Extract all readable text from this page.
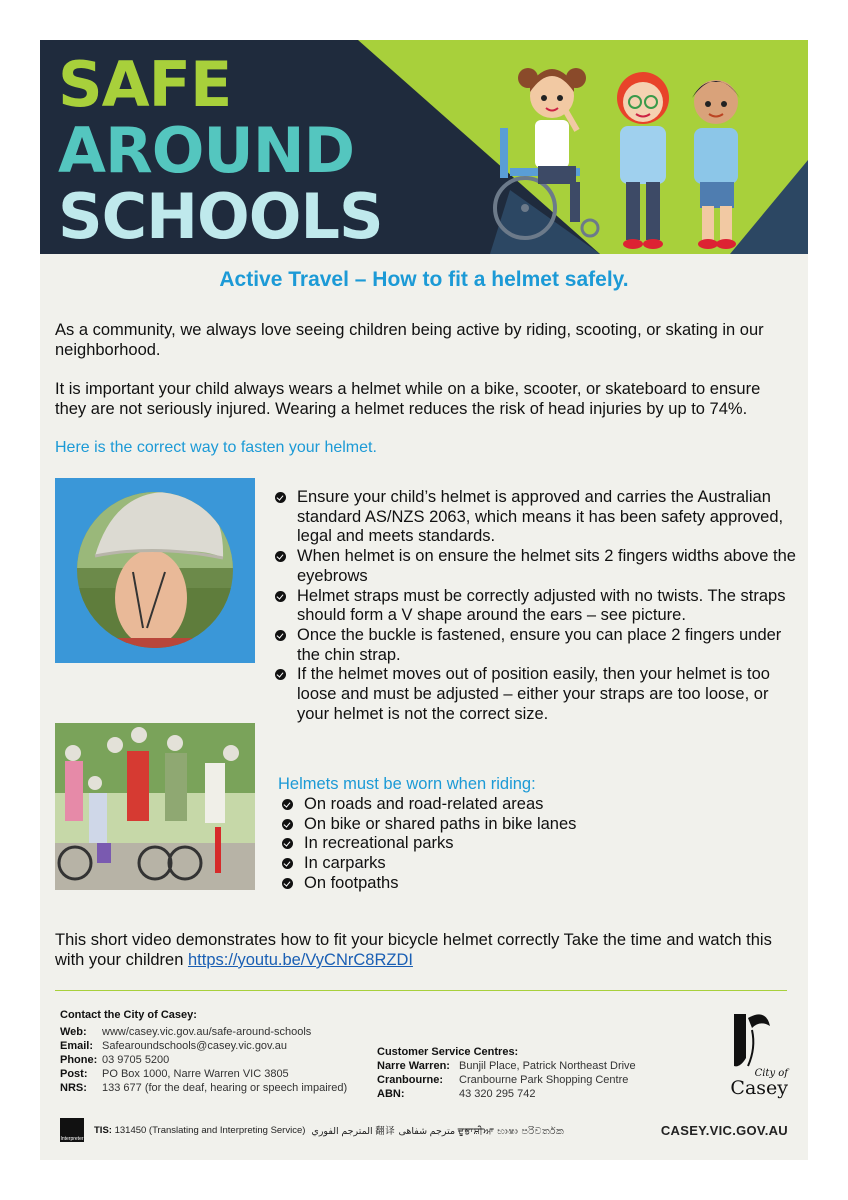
SAFE
AROUND
SCHOOLS
Active Travel – How to fit a helmet safely.

As a community, we always love seeing children being active by riding, scooting, or skating in our neighborhood.

It is important your child always wears a helmet while on a bike, scooter, or skateboard to ensure they are not seriously injured. Wearing a helmet reduces the risk of head injuries by up to 74%.

Here is the correct way to fasten your helmet.

Ensure your child’s helmet is approved and carries the Australian standard AS/NZS 2063, which means it has been safety approved, legal and meets standards.
When helmet is on ensure the helmet sits 2 fingers widths above the eyebrows
Helmet straps must be correctly adjusted with no twists. The straps should form a V shape around the ears – see picture.
Once the buckle is fastened, ensure you can place 2 fingers under the chin strap.
If the helmet moves out of position easily, then your helmet is too loose and must be adjusted – either your straps are too loose, or your helmet is not the correct size.

Helmets must be worn when riding:

On roads and road-related areas
On bike or shared paths in bike lanes
In recreational parks
In carparks
On footpaths

This short video demonstrates how to fit your bicycle helmet correctly Take the time and watch this with your children https://youtu.be/VyCNrC8RZDI

Contact the City of Casey:
Web:	www/casey.vic.gov.au/safe-around-schools
Email: Safearoundschools@casey.vic.gov.au
Phone: 03 9705 5200
Post:	PO Box 1000, Narre Warren VIC 3805
NRS:	133 677 (for the deaf, hearing or speech impaired)
Customer Service Centres:
Narre Warren: Bunjil Place, Patrick Northeast Drive
Cranbourne:	Cranbourne Park Shopping Centre
ABN:	43 320 295 742
City of
Casey
Interpreter
TIS: 131450 (Translating and Interpreting Service) المترجم الفوري 翻译 مترجم شفاهی ਦੁਭਾਸ਼ੀਆ භාෂා පරිවර්තක	CASEY.VIC.GOV.AU
